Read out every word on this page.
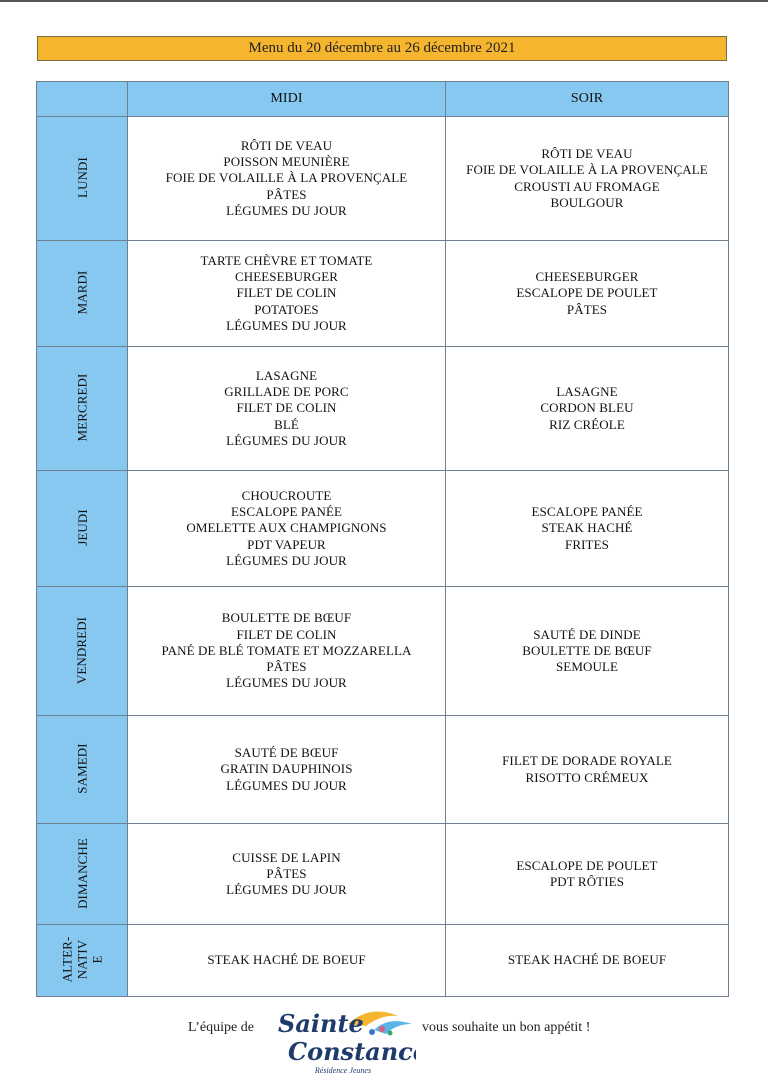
Menu du 20 décembre au 26 décembre 2021
	MIDI	SOIR
LUNDI	RÔTI DE VEAU
POISSON MEUNIÈRE
FOIE DE VOLAILLE À LA PROVENÇALE
PÂTES
LÉGUMES DU JOUR	RÔTI DE VEAU
FOIE DE VOLAILLE À LA PROVENÇALE
CROUSTI AU FROMAGE
BOULGOUR

MARDI	TARTE CHÈVRE ET TOMATE
CHEESEBURGER
FILET DE COLIN
POTATOES
LÉGUMES DU JOUR	CHEESEBURGER
ESCALOPE DE POULET
PÂTES

MERCREDI	LASAGNE
GRILLADE DE PORC
FILET DE COLIN
BLÉ
LÉGUMES DU JOUR	LASAGNE
CORDON BLEU
RIZ CRÉOLE

JEUDI	CHOUCROUTE
ESCALOPE PANÉE
OMELETTE AUX CHAMPIGNONS
PDT VAPEUR
LÉGUMES DU JOUR	ESCALOPE PANÉE
STEAK HACHÉ
FRITES

VENDREDI	BOULETTE DE BŒUF
FILET DE COLIN
PANÉ DE BLÉ TOMATE ET MOZZARELLA
PÂTES
LÉGUMES DU JOUR	SAUTÉ DE DINDE
BOULETTE DE BŒUF
SEMOULE

SAMEDI	SAUTÉ DE BŒUF
GRATIN DAUPHINOIS
LÉGUMES DU JOUR	FILET DE DORADE ROYALE
RISOTTO CRÉMEUX

DIMANCHE	CUISSE DE LAPIN
PÂTES
LÉGUMES DU JOUR	ESCALOPE DE POULET
PDT RÔTIES

ALTER- NATIV E	STEAK HACHÉ DE BOEUF	STEAK HACHÉ DE BOEUF
L’équipe de Sainte
Constance
Résidence Jeunes
vous souhaite un bon appétit !
